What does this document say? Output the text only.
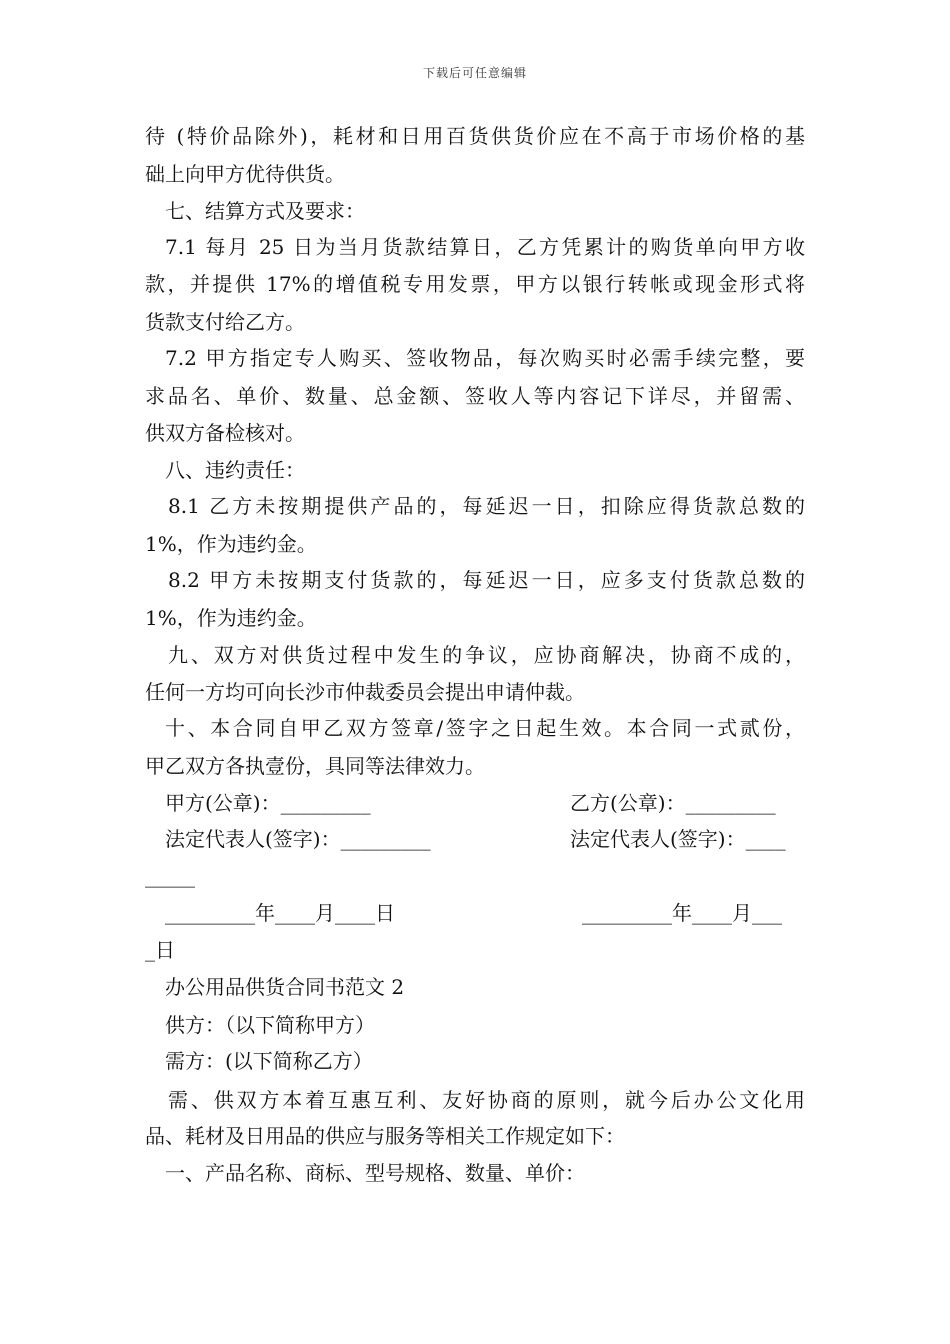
下载后可任意编辑
待 (特价品除外)，耗材和日用百货供货价应在不高于市场价格的基
础上向甲方优待供货。
七、结算方式及要求：
7.1 每月 25 日为当月货款结算日，乙方凭累计的购货单向甲方收
款，并提供 17%的增值税专用发票，甲方以银行转帐或现金形式将
货款支付给乙方。
7.2 甲方指定专人购买、签收物品，每次购买时必需手续完整，要
求品名、单价、数量、总金额、签收人等内容记下详尽，并留需、
供双方备检核对。
八、违约责任：
8.1 乙方未按期提供产品的，每延迟一日，扣除应得货款总数的
1%，作为违约金。
8.2 甲方未按期支付货款的，每延迟一日，应多支付货款总数的
1%，作为违约金。
九、双方对供货过程中发生的争议，应协商解决，协商不成的，
任何一方均可向长沙市仲裁委员会提出申请仲裁。
十、本合同自甲乙双方签章/签字之日起生效。本合同一式贰份，
甲乙双方各执壹份，具同等法律效力。
甲方(公章)：_________	乙方(公章)：_________
法定代表人(签字)：_________	法定代表人(签字)：____
_____
_________年____月____日	_________年____月___
_日
办公用品供货合同书范文 2
供方：（以下简称甲方）
需方：(以下简称乙方）
需、供双方本着互惠互利、友好协商的原则，就今后办公文化用
品、耗材及日用品的供应与服务等相关工作规定如下：
一、产品名称、商标、型号规格、数量、单价：
